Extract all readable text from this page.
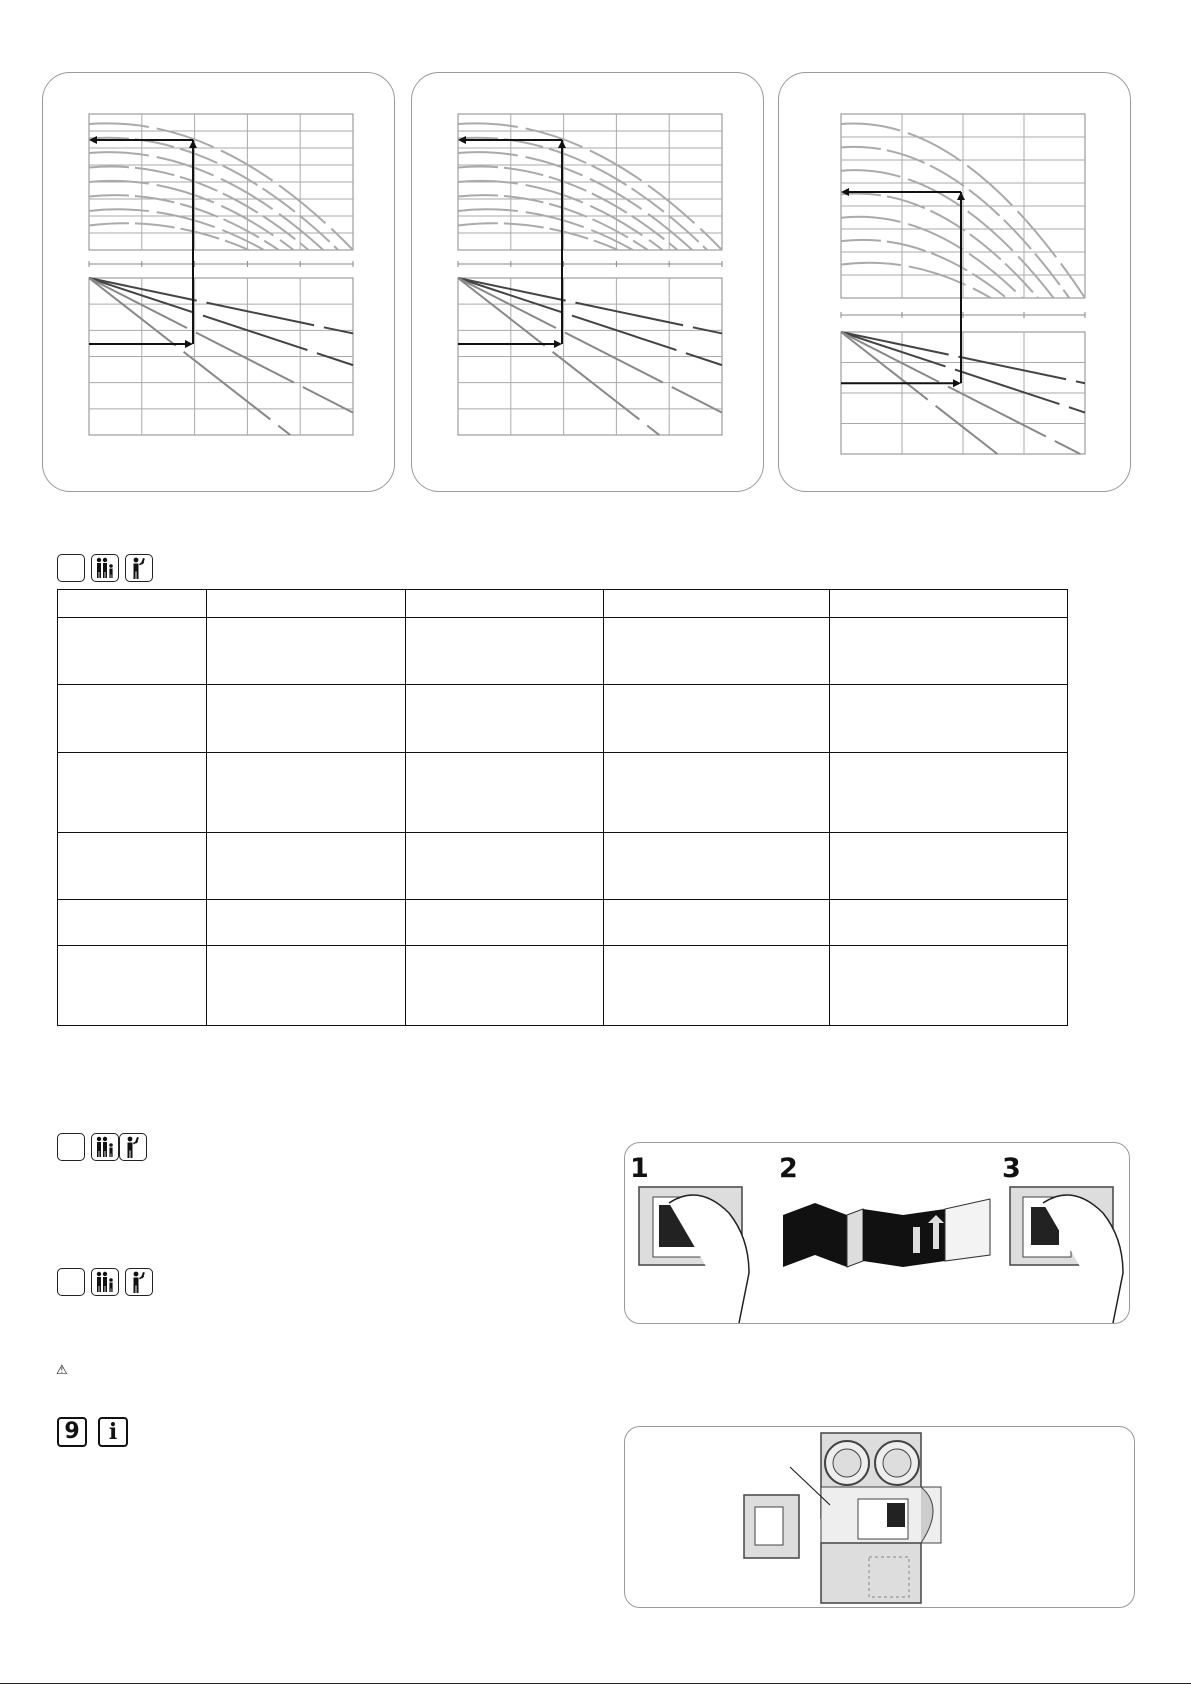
⚠
9	i
1	2	3
